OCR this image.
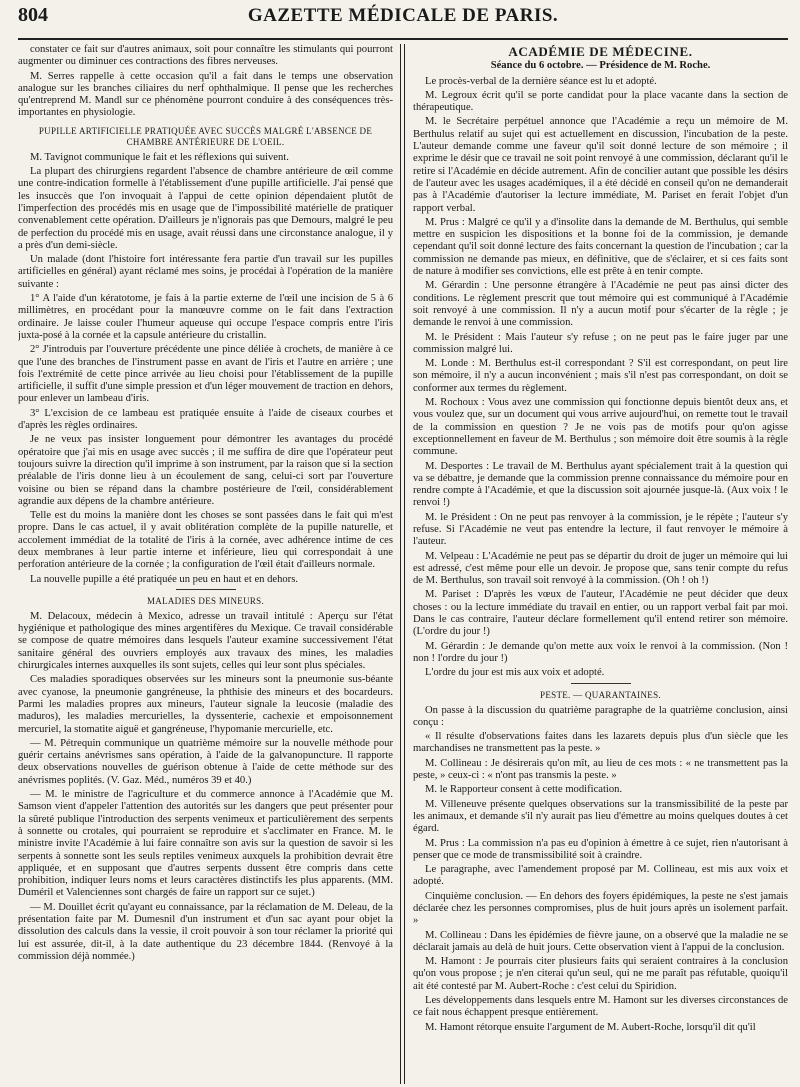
804	GAZETTE MÉDICALE DE PARIS.

constater ce fait sur d'autres animaux, soit pour connaître les stimulants qui pourront augmenter ou diminuer ces contractions des fibres nerveuses.

M. Serres rappelle à cette occasion qu'il a fait dans le temps une observation analogue sur les branches ciliaires du nerf ophthalmique. Il pense que les recherches qu'entreprend M. Mandl sur ce phénomène pourront conduire à des conséquences très-importantes en physiologie.

PUPILLE ARTIFICIELLE PRATIQUÉE AVEC SUCCÈS MALGRÉ L'ABSENCE DE CHAMBRE ANTÉRIEURE DE L'OEIL.

M. Tavignot communique le fait et les réflexions qui suivent.

La plupart des chirurgiens regardent l'absence de chambre antérieure de œil comme une contre-indication formelle à l'établissement d'une pupille artificielle. J'ai pensé que les insuccès que l'on invoquait à l'appui de cette opinion dépendaient plutôt de l'imperfection des procédés mis en usage que de l'impossibilité matérielle de pratiquer convenablement cette opération. D'ailleurs je n'ignorais pas que Demours, malgré le peu de perfection du procédé mis en usage, avait réussi dans une circonstance analogue, il y a près d'un demi-siècle.

Un malade (dont l'histoire fort intéressante fera partie d'un travail sur les pupilles artificielles en général) ayant réclamé mes soins, je procédai à l'opération de la manière suivante :

1° A l'aide d'un kératotome, je fais à la partie externe de l'œil une incision de 5 à 6 millimètres, en procédant pour la manœuvre comme on le fait dans l'extraction ordinaire. Je laisse couler l'humeur aqueuse qui occupe l'espace compris entre l'iris juxta-posé à la cornée et la capsule antérieure du cristallin.

2° J'introduis par l'ouverture précédente une pince déliée à crochets, de manière à ce que l'une des branches de l'instrument passe en avant de l'iris et l'autre en arrière ; une fois l'extrémité de cette pince arrivée au lieu choisi pour l'établissement de la pupille artificielle, il suffit d'une simple pression et d'un léger mouvement de traction en dehors, pour enlever un lambeau d'iris.

3° L'excision de ce lambeau est pratiquée ensuite à l'aide de ciseaux courbes et d'après les règles ordinaires.

Je ne veux pas insister longuement pour démontrer les avantages du procédé opératoire que j'ai mis en usage avec succès ; il me suffira de dire que l'opérateur peut toujours suivre la direction qu'il imprime à son instrument, par la raison que si la section préalable de l'iris donne lieu à un écoulement de sang, celui-ci sort par l'ouverture voisine ou bien se répand dans la chambre postérieure de l'œil, considérablement agrandie aux dépens de la chambre antérieure.

Telle est du moins la manière dont les choses se sont passées dans le fait qui m'est propre. Dans le cas actuel, il y avait oblitération complète de la pupille naturelle, et accolement immédiat de la totalité de l'iris à la cornée, avec adhérence intime de ces deux membranes à leur partie interne et inférieure, lieu qui correspondait à une perforation antérieure de la cornée ; la configuration de l'œil était d'ailleurs normale.

La nouvelle pupille a été pratiquée un peu en haut et en dehors.

MALADIES DES MINEURS.

M. Delacoux, médecin à Mexico, adresse un travail intitulé : Aperçu sur l'état hygiénique et pathologique des mines argentifères du Mexique. Ce travail considérable se compose de quatre mémoires dans lesquels l'auteur examine successivement l'état sanitaire général des ouvriers employés aux travaux des mines, les maladies chirurgicales internes auxquelles ils sont sujets, celles qui leur sont plus spéciales.

Ces maladies sporadiques observées sur les mineurs sont la pneumonie sus-béante avec cyanose, la pneumonie gangréneuse, la phthisie des mineurs et des bocardeurs. Parmi les maladies propres aux mineurs, l'auteur signale la leucosie (maladie des maduros), les maladies mercurielles, la dyssenterie, cachexie et empoisonnement mercuriel, la stomatite aiguë et gangréneuse, l'hypomanie mercurielle, etc.

— M. Pétrequin communique un quatrième mémoire sur la nouvelle méthode pour guérir certains anévrismes sans opération, à l'aide de la galvanopuncture. Il rapporte deux observations nouvelles de guérison obtenue à l'aide de cette méthode sur des anévrismes poplités. (V. Gaz. Méd., numéros 39 et 40.)

— M. le ministre de l'agriculture et du commerce annonce à l'Académie que M. Samson vient d'appeler l'attention des autorités sur les dangers que peut présenter pour la sûreté publique l'introduction des serpents venimeux et particulièrement des serpents à sonnette ou crotales, qui pourraient se reproduire et s'acclimater en France. M. le ministre invite l'Académie à lui faire connaître son avis sur la question de savoir si les serpents à sonnette sont les seuls reptiles venimeux auxquels la prohibition devrait être appliquée, et en supposant que d'autres serpents dussent être compris dans cette prohibition, indiquer leurs noms et leurs caractères distinctifs les plus apparents. (MM. Duméril et Valenciennes sont chargés de faire un rapport sur ce sujet.)

— M. Douillet écrit qu'ayant eu connaissance, par la réclamation de M. Deleau, de la présentation faite par M. Dumesnil d'un instrument et d'un sac ayant pour objet la dissolution des calculs dans la vessie, il croit pouvoir à son tour réclamer la priorité qui lui est assurée, dit-il, à la date authentique du 23 décembre 1844. (Renvoyé à la commission déjà nommée.)

ACADÉMIE DE MÉDECINE.
Séance du 6 octobre. — Présidence de M. Roche.

Le procès-verbal de la dernière séance est lu et adopté.

M. Legroux écrit qu'il se porte candidat pour la place vacante dans la section de thérapeutique.

M. le Secrétaire perpétuel annonce que l'Académie a reçu un mémoire de M. Berthulus relatif au sujet qui est actuellement en discussion, l'incubation de la peste. L'auteur demande comme une faveur qu'il soit donné lecture de son mémoire ; il exprime le désir que ce travail ne soit point renvoyé à une commission, déclarant qu'il le retire si l'Académie en décide autrement. Afin de concilier autant que possible les désirs de l'auteur avec les usages académiques, il a été décidé en conseil qu'on ne demanderait pas à l'Académie d'autoriser la lecture immédiate, M. Pariset en ferait l'objet d'un rapport verbal.

M. Prus : Malgré ce qu'il y a d'insolite dans la demande de M. Berthulus, qui semble mettre en suspicion les dispositions et la bonne foi de la commission, je demande cependant qu'il soit donné lecture des faits concernant la question de l'incubation ; car la commission ne demande pas mieux, en définitive, que de s'éclairer, et si ces faits sont de nature à modifier ses convictions, elle est prête à en tenir compte.

M. Gérardin : Une personne étrangère à l'Académie ne peut pas ainsi dicter des conditions. Le règlement prescrit que tout mémoire qui est communiqué à l'Académie soit renvoyé à une commission. Il n'y a aucun motif pour s'écarter de la règle ; je demande le renvoi à une commission.

M. le Président : Mais l'auteur s'y refuse ; on ne peut pas le faire juger par une commission malgré lui.

M. Londe : M. Berthulus est-il correspondant ? S'il est correspondant, on peut lire son mémoire, il n'y a aucun inconvénient ; mais s'il n'est pas correspondant, on doit se conformer aux termes du règlement.

M. Rochoux : Vous avez une commission qui fonctionne depuis bientôt deux ans, et vous voulez que, sur un document qui vous arrive aujourd'hui, on remette tout le travail de la commission en question ? Je ne vois pas de motifs pour qu'on agisse exceptionnellement en faveur de M. Berthulus ; son mémoire doit être soumis à la règle commune.

M. Desportes : Le travail de M. Berthulus ayant spécialement trait à la question qui va se débattre, je demande que la commission prenne connaissance du mémoire pour en rendre compte à l'Académie, et que la discussion soit ajournée jusque-là. (Aux voix ! le renvoi !)

M. le Président : On ne peut pas renvoyer à la commission, je le répète ; l'auteur s'y refuse. Si l'Académie ne veut pas entendre la lecture, il faut renvoyer le mémoire à l'auteur.

M. Velpeau : L'Académie ne peut pas se départir du droit de juger un mémoire qui lui est adressé, c'est même pour elle un devoir. Je propose que, sans tenir compte du refus de M. Berthulus, son travail soit renvoyé à la commission. (Oh ! oh !)

M. Pariset : D'après les vœux de l'auteur, l'Académie ne peut décider que deux choses : ou la lecture immédiate du travail en entier, ou un rapport verbal fait par moi. Dans le cas contraire, l'auteur déclare formellement qu'il entend retirer son mémoire. (L'ordre du jour !)

M. Gérardin : Je demande qu'on mette aux voix le renvoi à la commission. (Non ! non ! l'ordre du jour !)

L'ordre du jour est mis aux voix et adopté.

PESTE. — QUARANTAINES.

On passe à la discussion du quatrième paragraphe de la quatrième conclusion, ainsi conçu :

« Il résulte d'observations faites dans les lazarets depuis plus d'un siècle que les marchandises ne transmettent pas la peste. »

M. Collineau : Je désirerais qu'on mît, au lieu de ces mots : « ne transmettent pas la peste, » ceux-ci : « n'ont pas transmis la peste. »

M. le Rapporteur consent à cette modification.

M. Villeneuve présente quelques observations sur la transmissibilité de la peste par les animaux, et demande s'il n'y aurait pas lieu d'émettre au moins quelques doutes à cet égard.

M. Prus : La commission n'a pas eu d'opinion à émettre à ce sujet, rien n'autorisant à penser que ce mode de transmissibilité soit à craindre.

Le paragraphe, avec l'amendement proposé par M. Collineau, est mis aux voix et adopté.

Cinquième conclusion. — En dehors des foyers épidémiques, la peste ne s'est jamais déclarée chez les personnes compromises, plus de huit jours après un isolement parfait. »

M. Collineau : Dans les épidémies de fièvre jaune, on a observé que la maladie ne se déclarait jamais au delà de huit jours. Cette observation vient à l'appui de la conclusion.

M. Hamont : Je pourrais citer plusieurs faits qui seraient contraires à la conclusion qu'on vous propose ; je n'en citerai qu'un seul, qui ne me paraît pas réfutable, quoiqu'il ait été contesté par M. Aubert-Roche : c'est celui du Spiridion.

Les développements dans lesquels entre M. Hamont sur les diverses circonstances de ce fait nous échappent presque entièrement.

M. Hamont rétorque ensuite l'argument de M. Aubert-Roche, lorsqu'il dit qu'il
